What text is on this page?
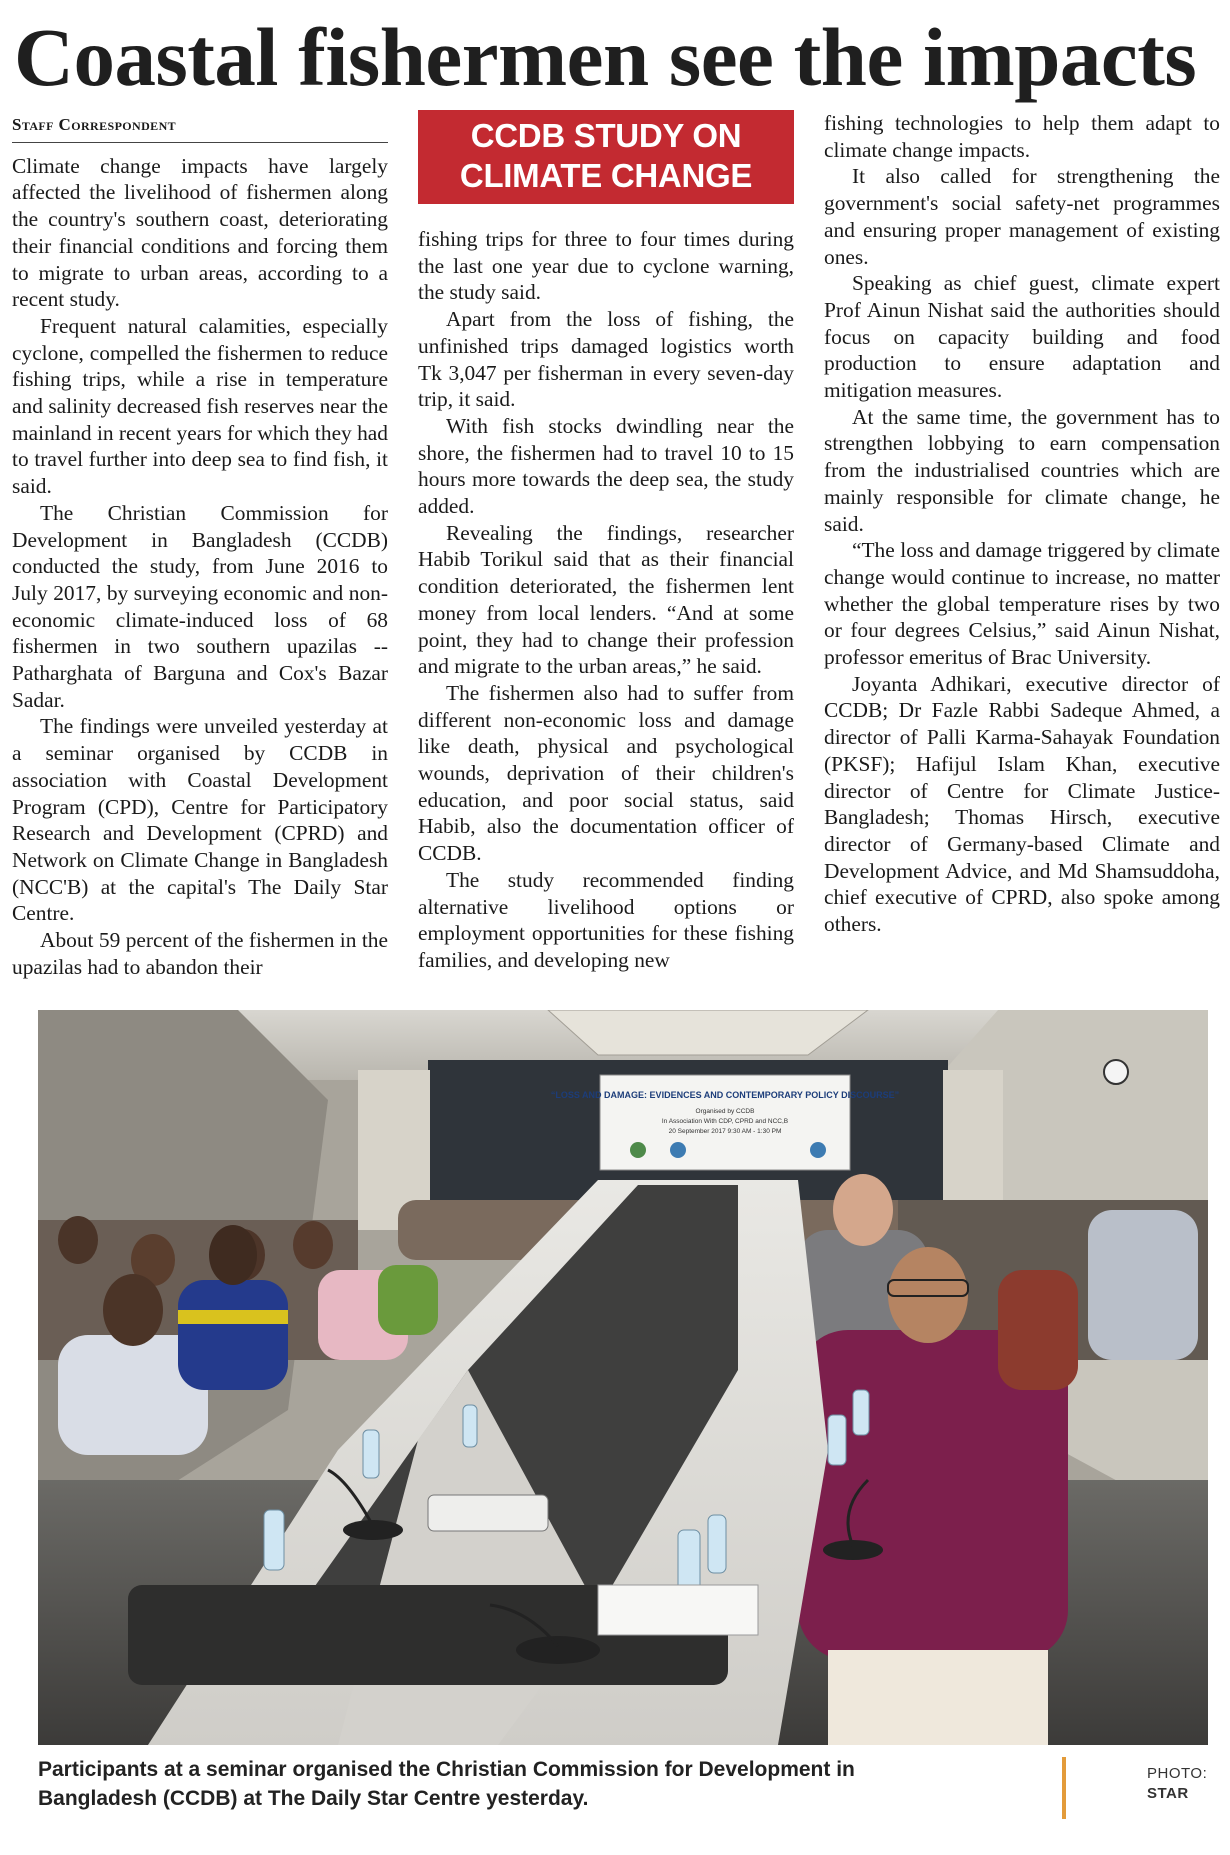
Coastal fishermen see the impacts
Staff Correspondent

Climate change impacts have largely affected the livelihood of fishermen along the country's southern coast, deteriorating their financial conditions and forcing them to migrate to urban areas, according to a recent study.

Frequent natural calamities, especially cyclone, compelled the fishermen to reduce fishing trips, while a rise in temperature and salinity decreased fish reserves near the mainland in recent years for which they had to travel further into deep sea to find fish, it said.

The Christian Commission for Development in Bangladesh (CCDB) conducted the study, from June 2016 to July 2017, by surveying economic and non-economic climate-induced loss of 68 fishermen in two southern upazilas -- Patharghata of Barguna and Cox's Bazar Sadar.

The findings were unveiled yesterday at a seminar organised by CCDB in association with Coastal Development Program (CPD), Centre for Participatory Research and Development (CPRD) and Network on Climate Change in Bangladesh (NCC'B) at the capital's The Daily Star Centre.

About 59 percent of the fishermen in the upazilas had to abandon their

CCDB STUDY ON
CLIMATE CHANGE

fishing trips for three to four times during the last one year due to cyclone warning, the study said.

Apart from the loss of fishing, the unfinished trips damaged logistics worth Tk 3,047 per fisherman in every seven-day trip, it said.

With fish stocks dwindling near the shore, the fishermen had to travel 10 to 15 hours more towards the deep sea, the study added.

Revealing the findings, researcher Habib Torikul said that as their financial condition deteriorated, the fishermen lent money from local lenders. “And at some point, they had to change their profession and migrate to the urban areas,” he said.

The fishermen also had to suffer from different non-economic loss and damage like death, physical and psychological wounds, deprivation of their children's education, and poor social status, said Habib, also the documentation officer of CCDB.

The study recommended finding alternative livelihood options or employment opportunities for these fishing families, and developing new

fishing technologies to help them adapt to climate change impacts.

It also called for strengthening the government's social safety-net programmes and ensuring proper management of existing ones.

Speaking as chief guest, climate expert Prof Ainun Nishat said the authorities should focus on capacity building and food production to ensure adaptation and mitigation measures.

At the same time, the government has to strengthen lobbying to earn compensation from the industrialised countries which are mainly responsible for climate change, he said.

“The loss and damage triggered by climate change would continue to increase, no matter whether the global temperature rises by two or four degrees Celsius,” said Ainun Nishat, professor emeritus of Brac University.

Joyanta Adhikari, executive director of CCDB; Dr Fazle Rabbi Sadeque Ahmed, a director of Palli Karma-Sahayak Foundation (PKSF); Hafijul Islam Khan, executive director of Centre for Climate Justice-Bangladesh; Thomas Hirsch, executive director of Germany-based Climate and Development Advice, and Md Shamsuddoha, chief executive of CPRD, also spoke among others.

“LOSS AND DAMAGE: EVIDENCES AND CONTEMPORARY POLICY DISCOURSE”
Organised by CCDB
In Association With CDP, CPRD and NCC,B
20 September 2017 9:30 AM - 1:30 PM
Participants at a seminar organised the Christian Commission for Development in Bangladesh (CCDB) at The Daily Star Centre yesterday.
PHOTO:
STAR
